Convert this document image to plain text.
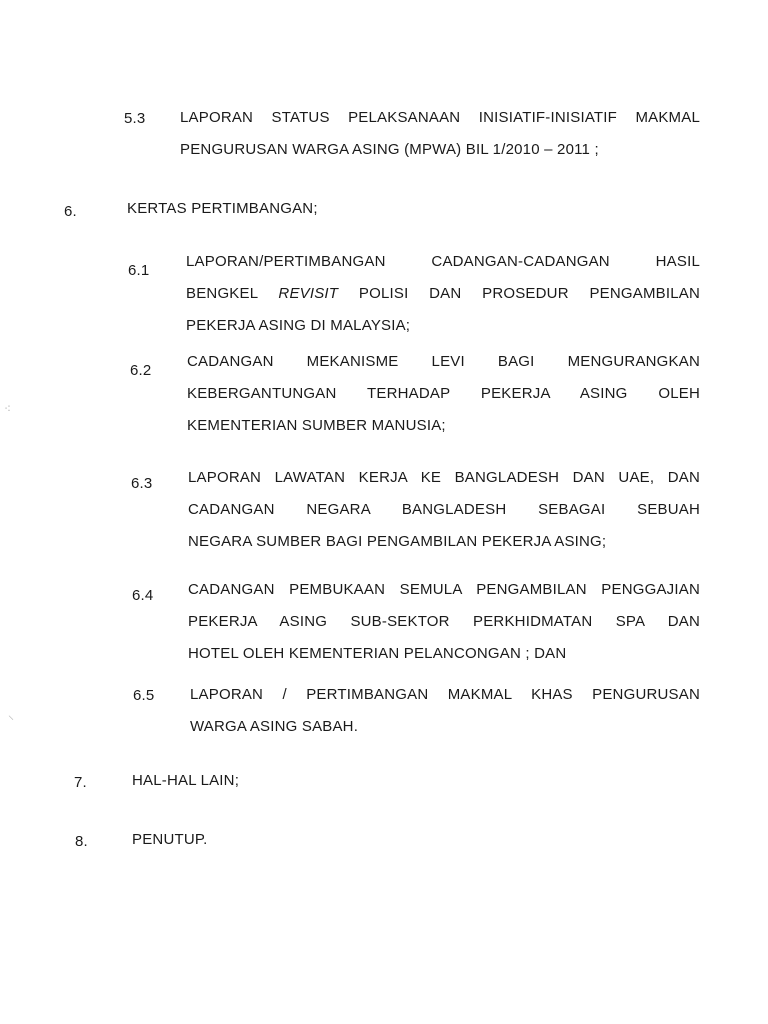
⁖
⸜
5.3 LAPORAN STATUS PELAKSANAAN INISIATIF-INISIATIF MAKMAL
PENGURUSAN WARGA ASING (MPWA) BIL 1/2010 – 2011 ;
6.	KERTAS PERTIMBANGAN;
6.1
LAPORAN/PERTIMBANGAN CADANGAN-CADANGAN HASIL
BENGKEL REVISIT POLISI DAN PROSEDUR PENGAMBILAN
PEKERJA ASING DI MALAYSIA;
6.2
CADANGAN MEKANISME LEVI BAGI MENGURANGKAN
KEBERGANTUNGAN TERHADAP PEKERJA ASING OLEH
KEMENTERIAN SUMBER MANUSIA;
6.3 LAPORAN LAWATAN KERJA KE BANGLADESH DAN UAE, DAN
CADANGAN NEGARA BANGLADESH SEBAGAI SEBUAH
NEGARA SUMBER BAGI PENGAMBILAN PEKERJA ASING;
6.4 CADANGAN PEMBUKAAN SEMULA PENGAMBILAN PENGGAJIAN
PEKERJA ASING SUB-SEKTOR PERKHIDMATAN SPA DAN
HOTEL OLEH KEMENTERIAN PELANCONGAN ; DAN
6.5 LAPORAN / PERTIMBANGAN MAKMAL KHAS PENGURUSAN
WARGA ASING SABAH.
7.	HAL-HAL LAIN;
8.	PENUTUP.
